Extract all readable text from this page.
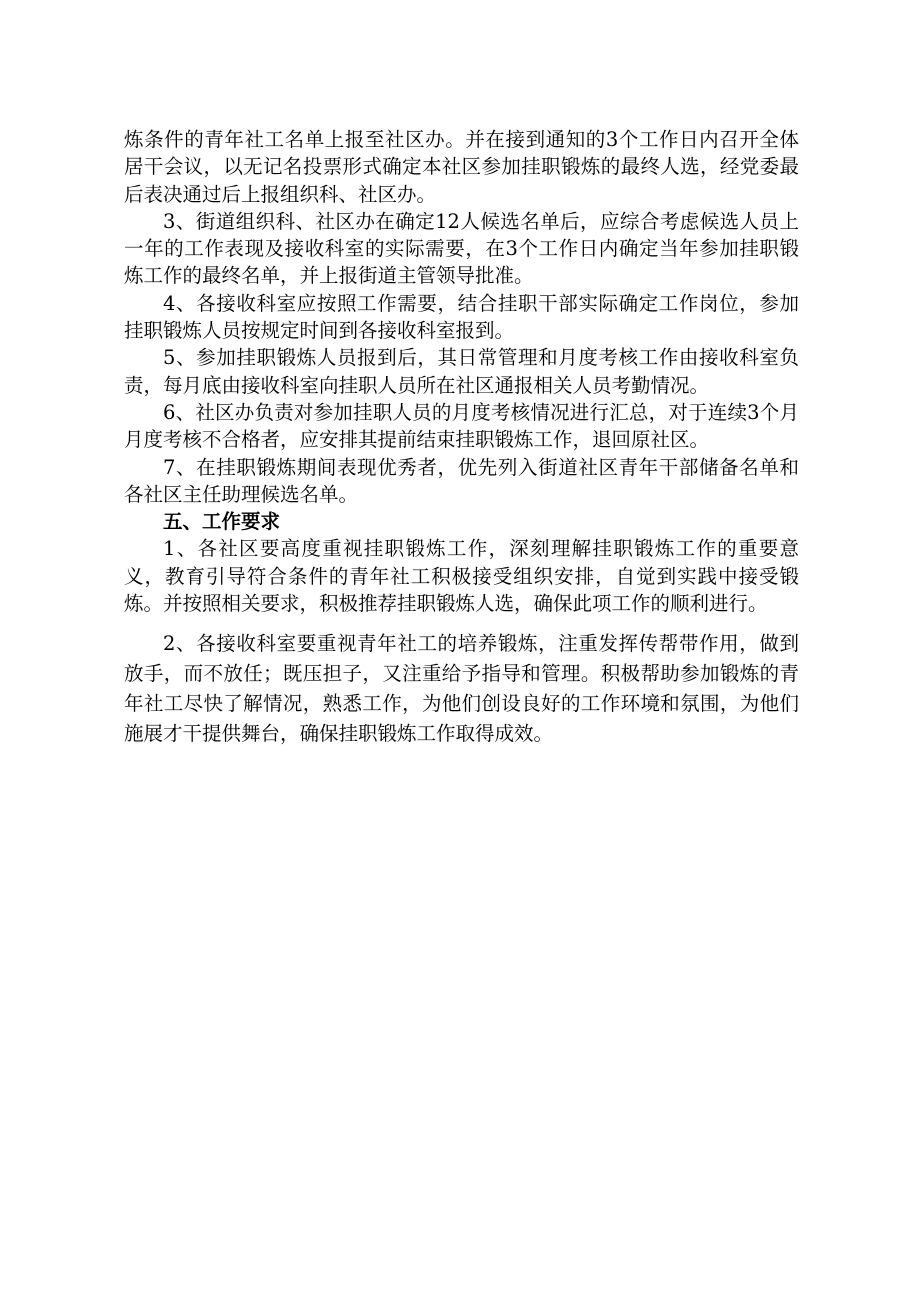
炼条件的青年社工名单上报至社区办。并在接到通知的3个工作日内召开全体居干会议，以无记名投票形式确定本社区参加挂职锻炼的最终人选，经党委最后表决通过后上报组织科、社区办。

3、街道组织科、社区办在确定12人候选名单后，应综合考虑候选人员上一年的工作表现及接收科室的实际需要，在3个工作日内确定当年参加挂职锻炼工作的最终名单，并上报街道主管领导批准。

4、各接收科室应按照工作需要，结合挂职干部实际确定工作岗位，参加挂职锻炼人员按规定时间到各接收科室报到。

5、参加挂职锻炼人员报到后，其日常管理和月度考核工作由接收科室负责，每月底由接收科室向挂职人员所在社区通报相关人员考勤情况。

6、社区办负责对参加挂职人员的月度考核情况进行汇总，对于连续3个月月度考核不合格者，应安排其提前结束挂职锻炼工作，退回原社区。

7、在挂职锻炼期间表现优秀者，优先列入街道社区青年干部储备名单和各社区主任助理候选名单。

五、工作要求

1、各社区要高度重视挂职锻炼工作，深刻理解挂职锻炼工作的重要意义，教育引导符合条件的青年社工积极接受组织安排，自觉到实践中接受锻炼。并按照相关要求，积极推荐挂职锻炼人选，确保此项工作的顺利进行。

2、各接收科室要重视青年社工的培养锻炼，注重发挥传帮带作用，做到放手，而不放任；既压担子，又注重给予指导和管理。积极帮助参加锻炼的青年社工尽快了解情况，熟悉工作，为他们创设良好的工作环境和氛围，为他们施展才干提供舞台，确保挂职锻炼工作取得成效。
